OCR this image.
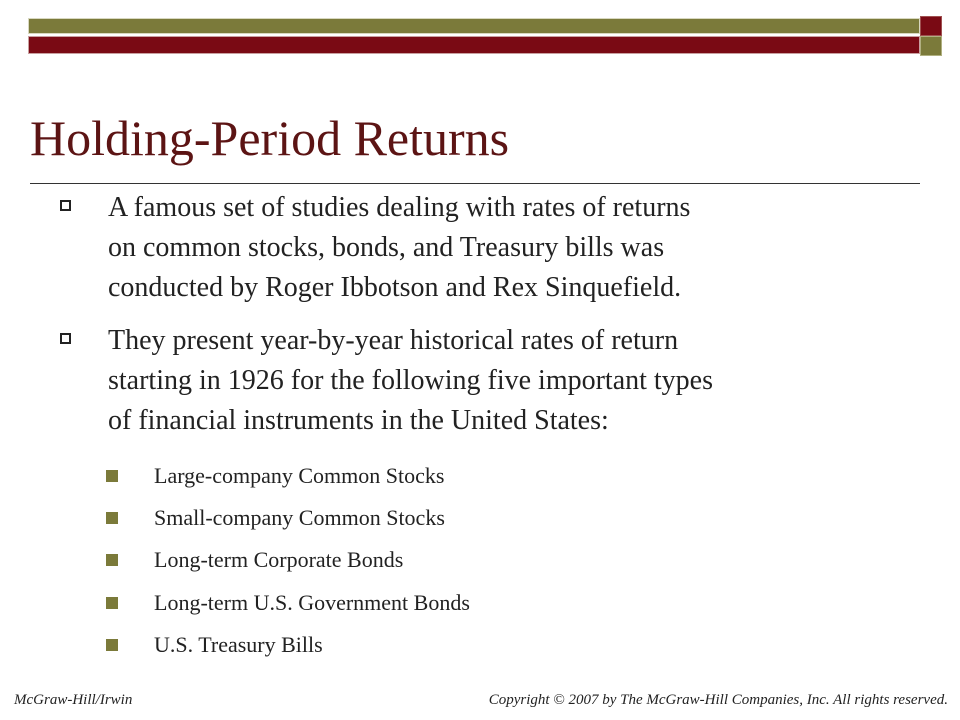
Holding-Period Returns
A famous set of studies dealing with rates of returns
on common stocks, bonds, and Treasury bills was
conducted by Roger Ibbotson and Rex Sinquefield.
They present year-by-year historical rates of return
starting in 1926 for the following five important types
of financial instruments in the United States:
Large-company Common Stocks
Small-company Common Stocks
Long-term Corporate Bonds
Long-term U.S. Government Bonds
U.S. Treasury Bills
McGraw-Hill/Irwin	Copyright © 2007 by The McGraw-Hill Companies, Inc. All rights reserved.
